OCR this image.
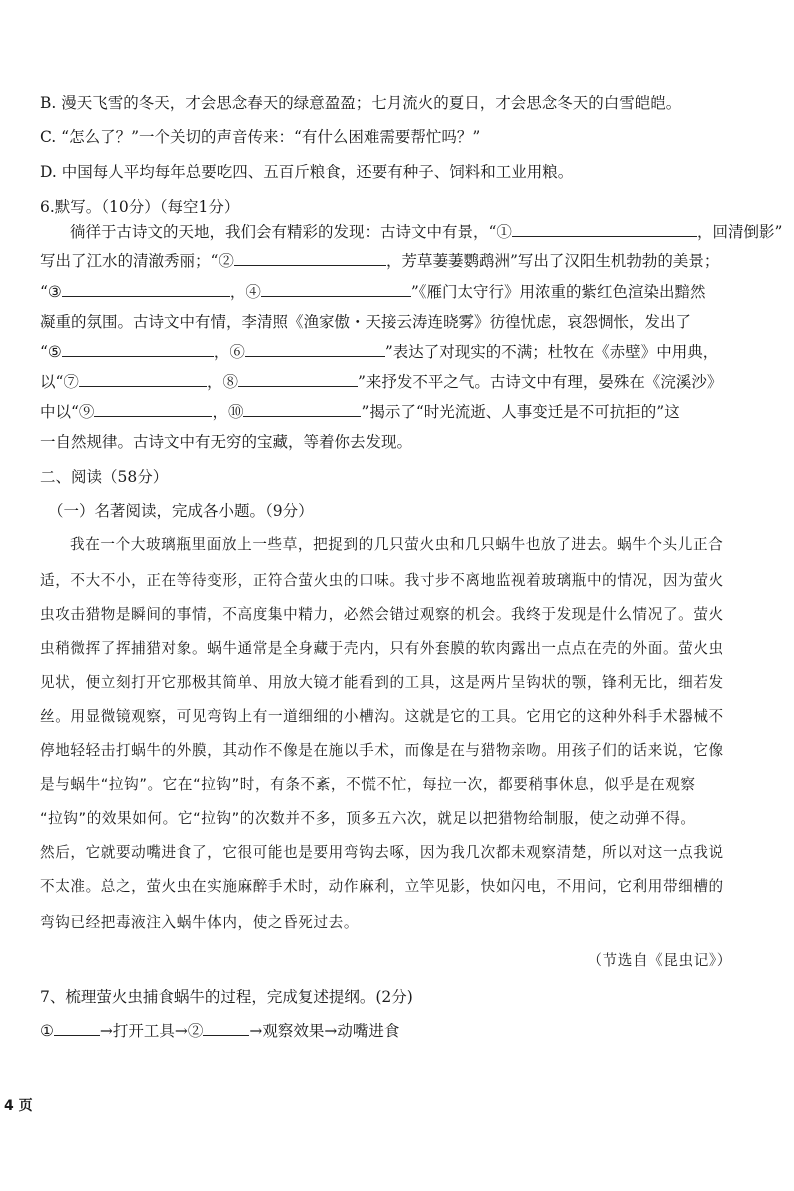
B. 漫天飞雪的冬天，才会思念春天的绿意盈盈；七月流火的夏日，才会思念冬天的白雪皑皑。
C. “怎么了？”一个关切的声音传来：“有什么困难需要帮忙吗？”
D. 中国每人平均每年总要吃四、五百斤粮食，还要有种子、饲料和工业用粮。
6.默写。（10分）（每空1分）
徜徉于古诗文的天地，我们会有精彩的发现：古诗文中有景，“①	，回清倒影”
写出了江水的清澈秀丽；“②	，芳草萋萋鹦鹉洲”写出了汉阳生机勃勃的美景；
“③	，④	”《雁门太守行》用浓重的紫红色渲染出黯然
凝重的氛围。古诗文中有情，李清照《渔家傲・天接云涛连晓雾》彷徨忧虑，哀怨惆怅，发出了
“⑤	，⑥	”表达了对现实的不满；杜牧在《赤壁》中用典，
以“⑦	，⑧	”来抒发不平之气。古诗文中有理，晏殊在《浣溪沙》
中以“⑨	，⑩	”揭示了“时光流逝、人事变迁是不可抗拒的”这
一自然规律。古诗文中有无穷的宝藏，等着你去发现。
二、阅读（58分）
（一）名著阅读，完成各小题。（9分）
我在一个大玻璃瓶里面放上一些草，把捉到的几只萤火虫和几只蜗牛也放了进去。蜗牛个头儿正合
适，不大不小，正在等待变形，正符合萤火虫的口味。我寸步不离地监视着玻璃瓶中的情况，因为萤火
虫攻击猎物是瞬间的事情，不高度集中精力，必然会错过观察的机会。我终于发现是什么情况了。萤火
虫稍微挥了挥捕猎对象。蜗牛通常是全身藏于壳内，只有外套膜的软肉露出一点点在壳的外面。萤火虫
见状，便立刻打开它那极其简单、用放大镜才能看到的工具，这是两片呈钩状的颚，锋利无比，细若发
丝。用显微镜观察，可见弯钩上有一道细细的小槽沟。这就是它的工具。它用它的这种外科手术器械不
停地轻轻击打蜗牛的外膜，其动作不像是在施以手术，而像是在与猎物亲吻。用孩子们的话来说，它像
是与蜗牛“拉钩”。它在“拉钩”时，有条不紊，不慌不忙，每拉一次，都要稍事休息，似乎是在观察
“拉钩”的效果如何。它“拉钩”的次数并不多，顶多五六次，就足以把猎物给制服，使之动弹不得。
然后，它就要动嘴进食了，它很可能也是要用弯钩去啄，因为我几次都未观察清楚，所以对这一点我说
不太准。总之，萤火虫在实施麻醉手术时，动作麻利，立竿见影，快如闪电，不用问，它利用带细槽的
弯钩已经把毒液注入蜗牛体内，使之昏死过去。
（节选自《昆虫记》）
7、梳理萤火虫捕食蜗牛的过程，完成复述提纲。(2分)
①	→打开工具→②	→观察效果→动嘴进食
4 页
